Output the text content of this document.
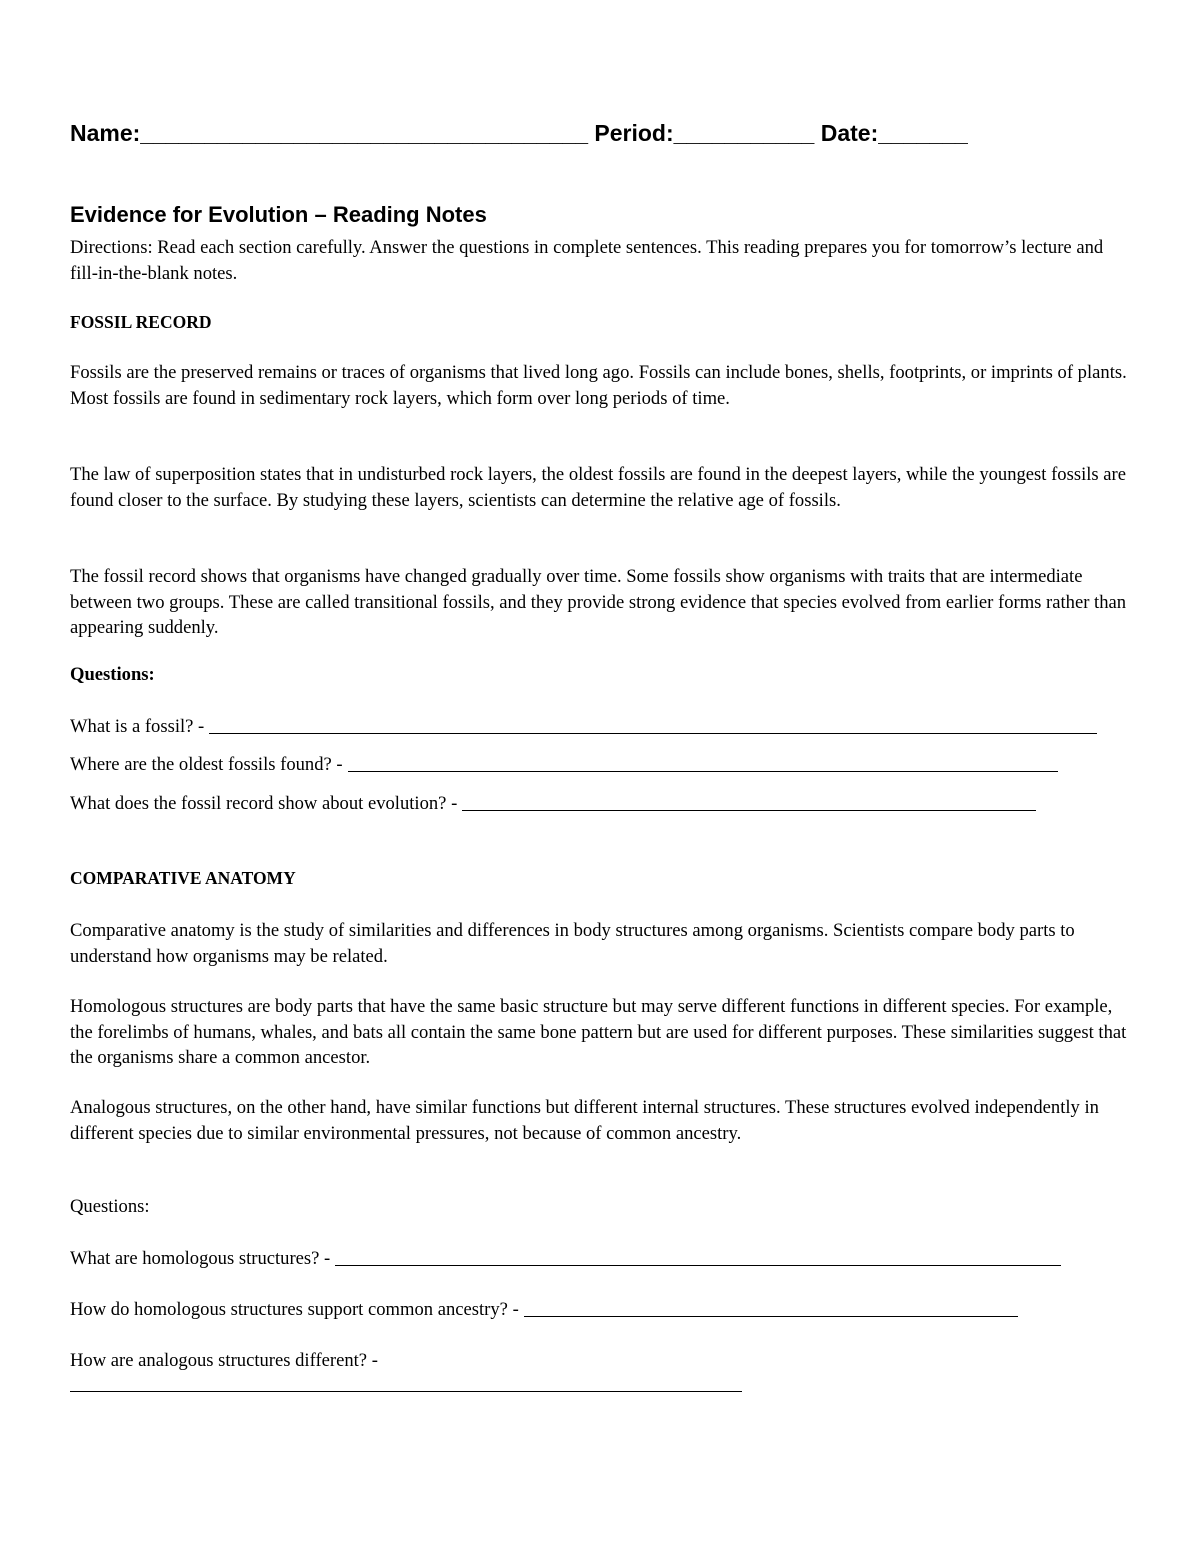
Name:___________________________________ Period:___________ Date:_______
Evidence for Evolution – Reading Notes
Directions: Read each section carefully. Answer the questions in complete sentences. This reading prepares you for tomorrow’s lecture and fill-in-the-blank notes.
FOSSIL RECORD
Fossils are the preserved remains or traces of organisms that lived long ago. Fossils can include bones, shells, footprints, or imprints of plants. Most fossils are found in sedimentary rock layers, which form over long periods of time.
The law of superposition states that in undisturbed rock layers, the oldest fossils are found in the deepest layers, while the youngest fossils are found closer to the surface. By studying these layers, scientists can determine the relative age of fossils.
The fossil record shows that organisms have changed gradually over time. Some fossils show organisms with traits that are intermediate between two groups. These are called transitional fossils, and they provide strong evidence that species evolved from earlier forms rather than appearing suddenly.
Questions:
What is a fossil? -
Where are the oldest fossils found? -
What does the fossil record show about evolution? -
COMPARATIVE ANATOMY
Comparative anatomy is the study of similarities and differences in body structures among organisms. Scientists compare body parts to understand how organisms may be related.
Homologous structures are body parts that have the same basic structure but may serve different functions in different species. For example, the forelimbs of humans, whales, and bats all contain the same bone pattern but are used for different purposes. These similarities suggest that the organisms share a common ancestor.
Analogous structures, on the other hand, have similar functions but different internal structures. These structures evolved independently in different species due to similar environmental pressures, not because of common ancestry.
Questions:
What are homologous structures? -
How do homologous structures support common ancestry? -
How are analogous structures different? -
